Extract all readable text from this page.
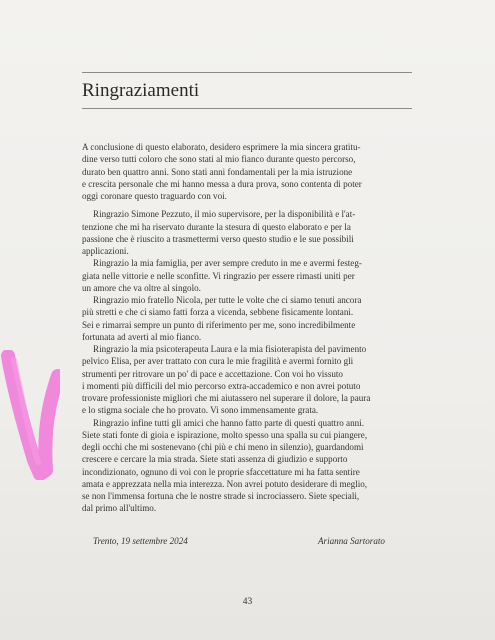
Ringraziamenti
A conclusione di questo elaborato, desidero esprimere la mia sincera gratitu-
dine verso tutti coloro che sono stati al mio fianco durante questo percorso,
durato ben quattro anni. Sono stati anni fondamentali per la mia istruzione
e crescita personale che mi hanno messa a dura prova, sono contenta di poter
oggi coronare questo traguardo con voi.
Ringrazio Simone Pezzuto, il mio supervisore, per la disponibilità e l'at-
tenzione che mi ha riservato durante la stesura di questo elaborato e per la
passione che è riuscito a trasmettermi verso questo studio e le sue possibili
applicazioni.
Ringrazio la mia famiglia, per aver sempre creduto in me e avermi festeg-
giata nelle vittorie e nelle sconfitte. Vi ringrazio per essere rimasti uniti per
un amore che va oltre al singolo.
Ringrazio mio fratello Nicola, per tutte le volte che ci siamo tenuti ancora
più stretti e che ci siamo fatti forza a vicenda, sebbene fisicamente lontani.
Sei e rimarrai sempre un punto di riferimento per me, sono incredibilmente
fortunata ad averti al mio fianco.
Ringrazio la mia psicoterapeuta Laura e la mia fisioterapista del pavimento
pelvico Elisa, per aver trattato con cura le mie fragilità e avermi fornito gli
strumenti per ritrovare un po' di pace e accettazione. Con voi ho vissuto
i momenti più difficili del mio percorso extra-accademico e non avrei potuto
trovare professioniste migliori che mi aiutassero nel superare il dolore, la paura
e lo stigma sociale che ho provato. Vi sono immensamente grata.
Ringrazio infine tutti gli amici che hanno fatto parte di questi quattro anni.
Siete stati fonte di gioia e ispirazione, molto spesso una spalla su cui piangere,
degli occhi che mi sostenevano (chi più e chi meno in silenzio), guardandomi
crescere e cercare la mia strada. Siete stati assenza di giudizio e supporto
incondizionato, ognuno di voi con le proprie sfaccettature mi ha fatta sentire
amata e apprezzata nella mia interezza. Non avrei potuto desiderare di meglio,
se non l'immensa fortuna che le nostre strade si incrociassero. Siete speciali,
dal primo all'ultimo.
Trento, 19 settembre 2024	Arianna Sartorato
43
